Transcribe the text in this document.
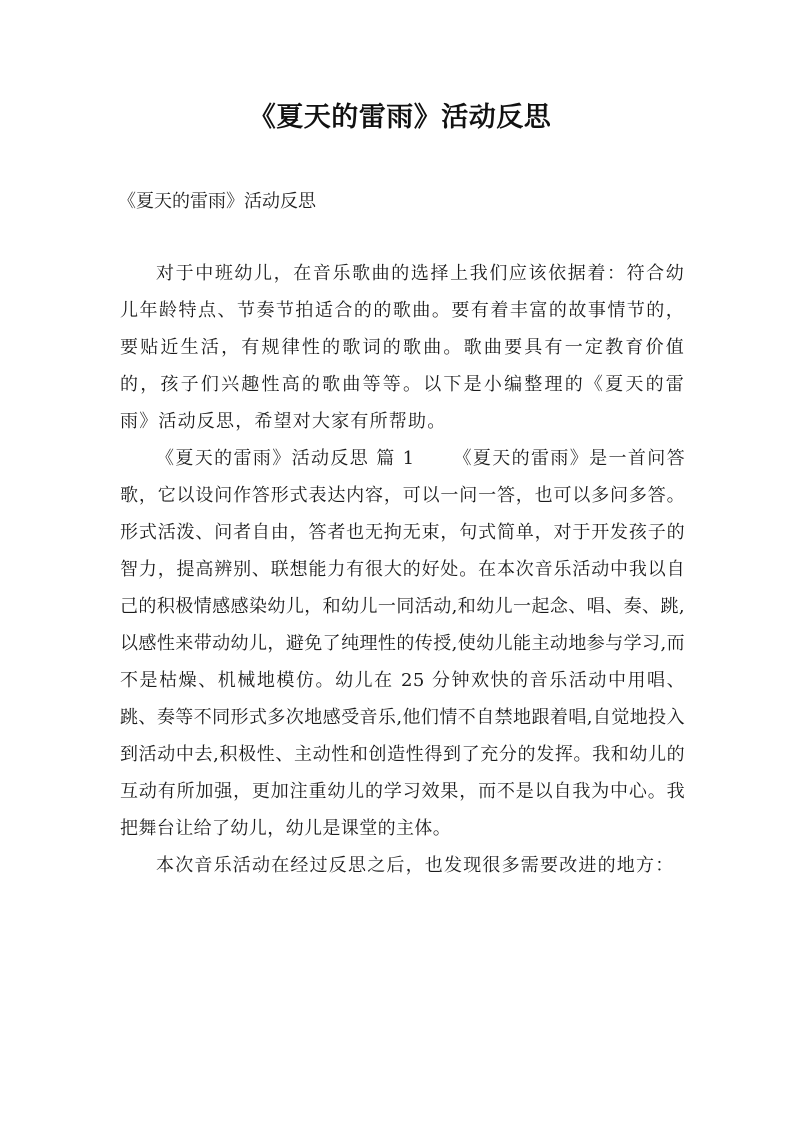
《夏天的雷雨》活动反思

《夏天的雷雨》活动反思

对于中班幼儿，在音乐歌曲的选择上我们应该依据着：符合幼儿年龄特点、节奏节拍适合的的歌曲。要有着丰富的故事情节的，要贴近生活，有规律性的歌词的歌曲。歌曲要具有一定教育价值的，孩子们兴趣性高的歌曲等等。以下是小编整理的《夏天的雷雨》活动反思，希望对大家有所帮助。

《夏天的雷雨》活动反思 篇 1 《夏天的雷雨》是一首问答歌，它以设问作答形式表达内容，可以一问一答，也可以多问多答。形式活泼、问者自由，答者也无拘无束，句式简单，对于开发孩子的智力，提高辨别、联想能力有很大的好处。在本次音乐活动中我以自己的积极情感感染幼儿，和幼儿一同活动,和幼儿一起念、唱、奏、跳,以感性来带动幼儿，避免了纯理性的传授,使幼儿能主动地参与学习,而不是枯燥、机械地模仿。幼儿在 25 分钟欢快的音乐活动中用唱、跳、奏等不同形式多次地感受音乐,他们情不自禁地跟着唱,自觉地投入到活动中去,积极性、主动性和创造性得到了充分的发挥。我和幼儿的互动有所加强，更加注重幼儿的学习效果，而不是以自我为中心。我把舞台让给了幼儿，幼儿是课堂的主体。

本次音乐活动在经过反思之后，也发现很多需要改进的地方：
